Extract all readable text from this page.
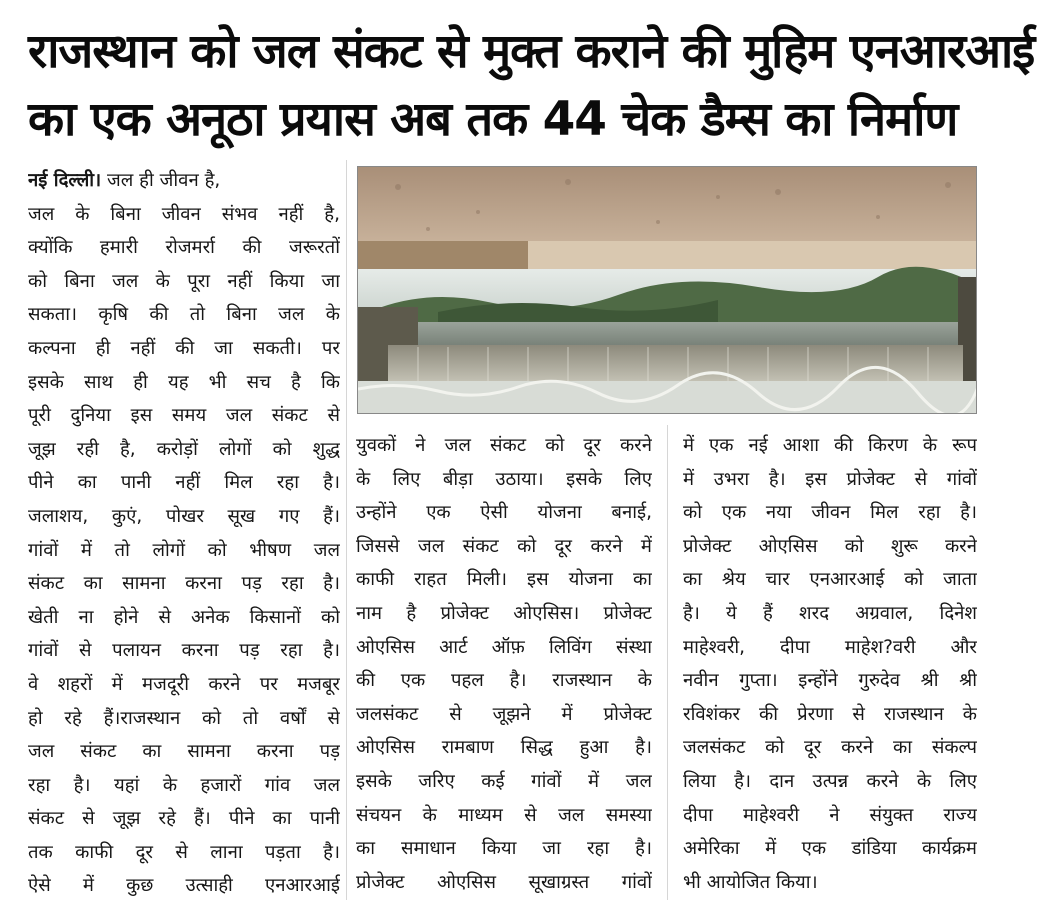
राजस्थान को जल संकट से मुक्त कराने की मुहिम एनआरआई
का एक अनूठा प्रयास अब तक 44 चेक डैम्स का निर्माण
नई दिल्ली। जल ही जीवन है,
जल के बिना जीवन संभव नहीं है,
क्योंकि हमारी रोजमर्रा की जरूरतों
को बिना जल के पूरा नहीं किया जा
सकता। कृषि की तो बिना जल के
कल्पना ही नहीं की जा सकती। पर
इसके साथ ही यह भी सच है कि
पूरी दुनिया इस समय जल संकट से
जूझ रही है, करोड़ों लोगों को शुद्ध
पीने का पानी नहीं मिल रहा है।
जलाशय, कुएं, पोखर सूख गए हैं।
गांवों में तो लोगों को भीषण जल
संकट का सामना करना पड़ रहा है।
खेती ना होने से अनेक किसानों को
गांवों से पलायन करना पड़ रहा है।
वे शहरों में मजदूरी करने पर मजबूर
हो रहे हैं।राजस्थान को तो वर्षों से
जल संकट का सामना करना पड़
रहा है। यहां के हजारों गांव जल
संकट से जूझ रहे हैं। पीने का पानी
तक काफी दूर से लाना पड़ता है।
ऐसे में कुछ उत्साही एनआरआई
युवकों ने जल संकट को दूर करने
के लिए बीड़ा उठाया। इसके लिए
उन्होंने एक ऐसी योजना बनाई,
जिससे जल संकट को दूर करने में
काफी राहत मिली। इस योजना का
नाम है प्रोजेक्ट ओएसिस। प्रोजेक्ट
ओएसिस आर्ट ऑफ़ लिविंग संस्था
की एक पहल है। राजस्थान के
जलसंकट से जूझने में प्रोजेक्ट
ओएसिस रामबाण सिद्ध हुआ है।
इसके जरिए कई गांवों में जल
संचयन के माध्यम से जल समस्या
का समाधान किया जा रहा है।
प्रोजेक्ट ओएसिस सूखाग्रस्त गांवों
में एक नई आशा की किरण के रूप
में उभरा है। इस प्रोजेक्ट से गांवों
को एक नया जीवन मिल रहा है।
प्रोजेक्ट ओएसिस को शुरू करने
का श्रेय चार एनआरआई को जाता
है। ये हैं शरद अग्रवाल, दिनेश
माहेश्वरी, दीपा माहेश?वरी और
नवीन गुप्ता। इन्होंने गुरुदेव श्री श्री
रविशंकर की प्रेरणा से राजस्थान के
जलसंकट को दूर करने का संकल्प
लिया है। दान उत्पन्न करने के लिए
दीपा माहेश्वरी ने संयुक्त राज्य
अमेरिका में एक डांडिया कार्यक्रम
भी आयोजित किया।
